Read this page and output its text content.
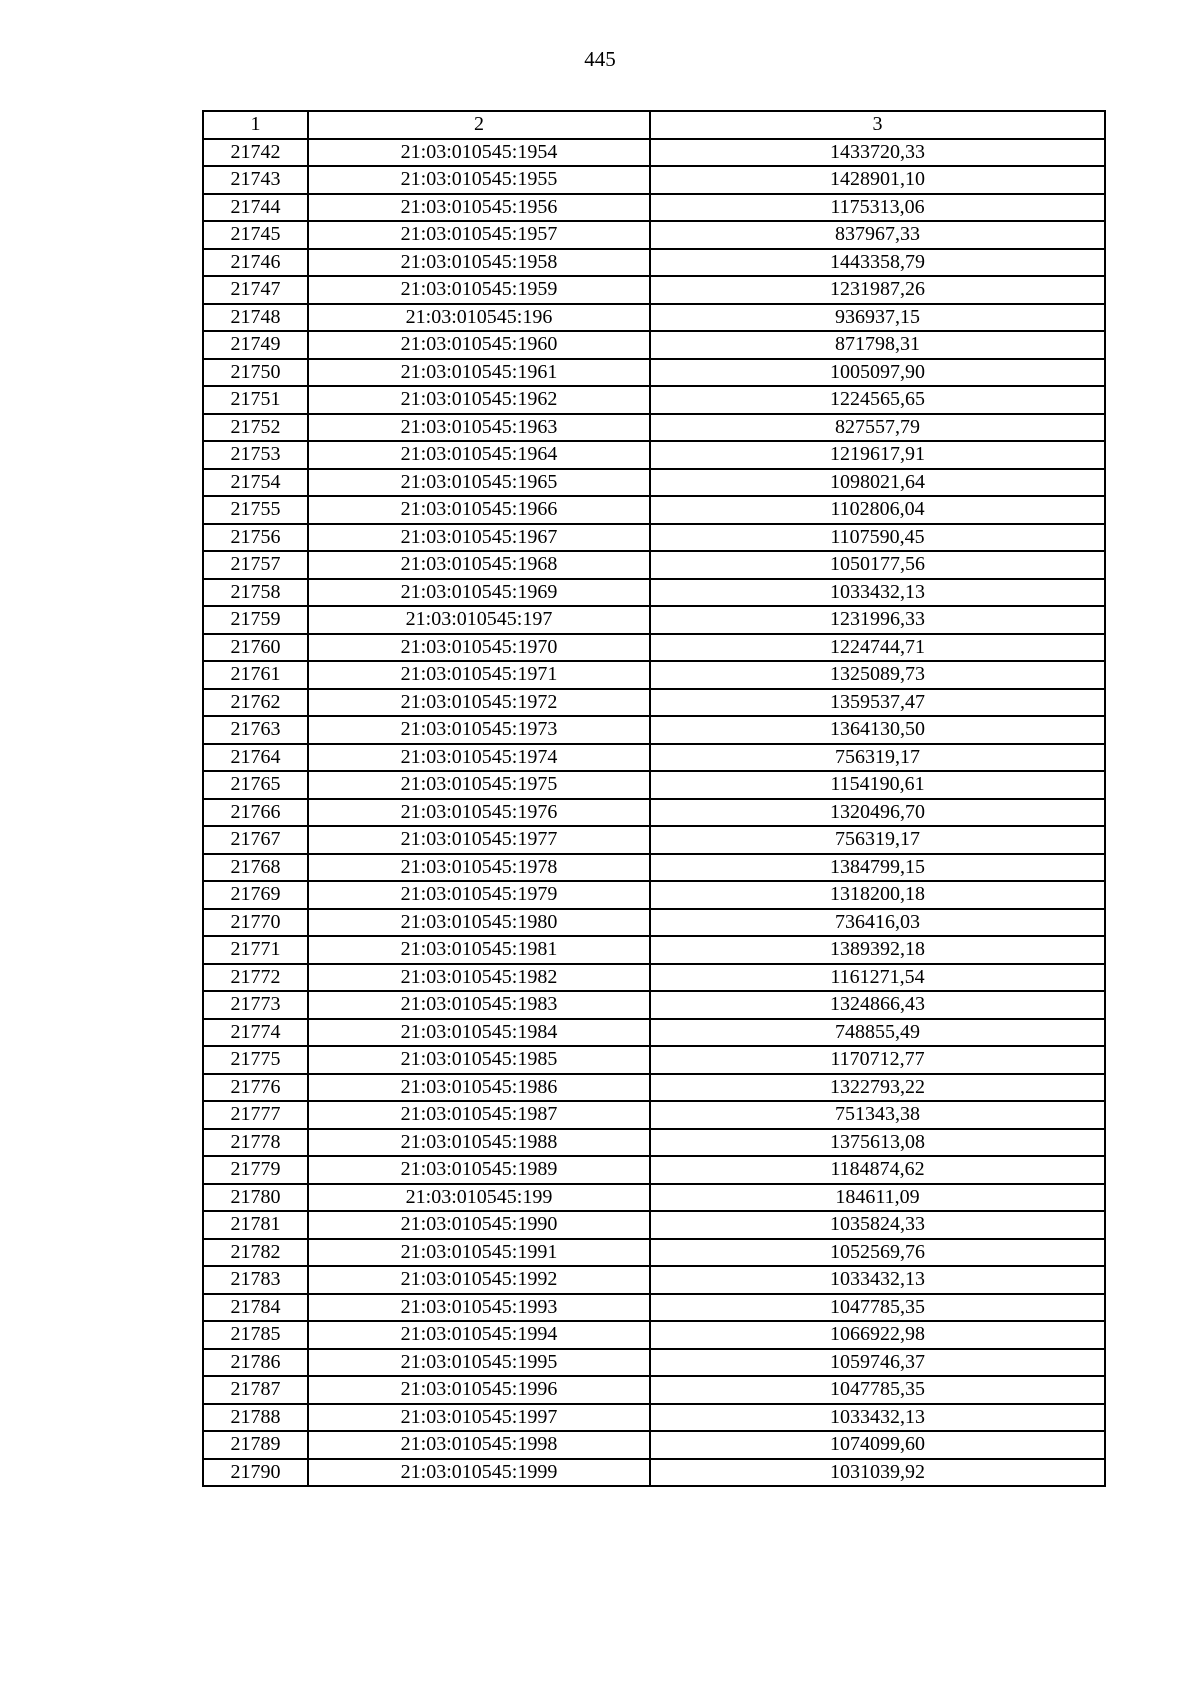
445
1	2	3
21742	21:03:010545:1954	1433720,33
21743	21:03:010545:1955	1428901,10
21744	21:03:010545:1956	1175313,06
21745	21:03:010545:1957	837967,33
21746	21:03:010545:1958	1443358,79
21747	21:03:010545:1959	1231987,26
21748	21:03:010545:196	936937,15
21749	21:03:010545:1960	871798,31
21750	21:03:010545:1961	1005097,90
21751	21:03:010545:1962	1224565,65
21752	21:03:010545:1963	827557,79
21753	21:03:010545:1964	1219617,91
21754	21:03:010545:1965	1098021,64
21755	21:03:010545:1966	1102806,04
21756	21:03:010545:1967	1107590,45
21757	21:03:010545:1968	1050177,56
21758	21:03:010545:1969	1033432,13
21759	21:03:010545:197	1231996,33
21760	21:03:010545:1970	1224744,71
21761	21:03:010545:1971	1325089,73
21762	21:03:010545:1972	1359537,47
21763	21:03:010545:1973	1364130,50
21764	21:03:010545:1974	756319,17
21765	21:03:010545:1975	1154190,61
21766	21:03:010545:1976	1320496,70
21767	21:03:010545:1977	756319,17
21768	21:03:010545:1978	1384799,15
21769	21:03:010545:1979	1318200,18
21770	21:03:010545:1980	736416,03
21771	21:03:010545:1981	1389392,18
21772	21:03:010545:1982	1161271,54
21773	21:03:010545:1983	1324866,43
21774	21:03:010545:1984	748855,49
21775	21:03:010545:1985	1170712,77
21776	21:03:010545:1986	1322793,22
21777	21:03:010545:1987	751343,38
21778	21:03:010545:1988	1375613,08
21779	21:03:010545:1989	1184874,62
21780	21:03:010545:199	184611,09
21781	21:03:010545:1990	1035824,33
21782	21:03:010545:1991	1052569,76
21783	21:03:010545:1992	1033432,13
21784	21:03:010545:1993	1047785,35
21785	21:03:010545:1994	1066922,98
21786	21:03:010545:1995	1059746,37
21787	21:03:010545:1996	1047785,35
21788	21:03:010545:1997	1033432,13
21789	21:03:010545:1998	1074099,60
21790	21:03:010545:1999	1031039,92
